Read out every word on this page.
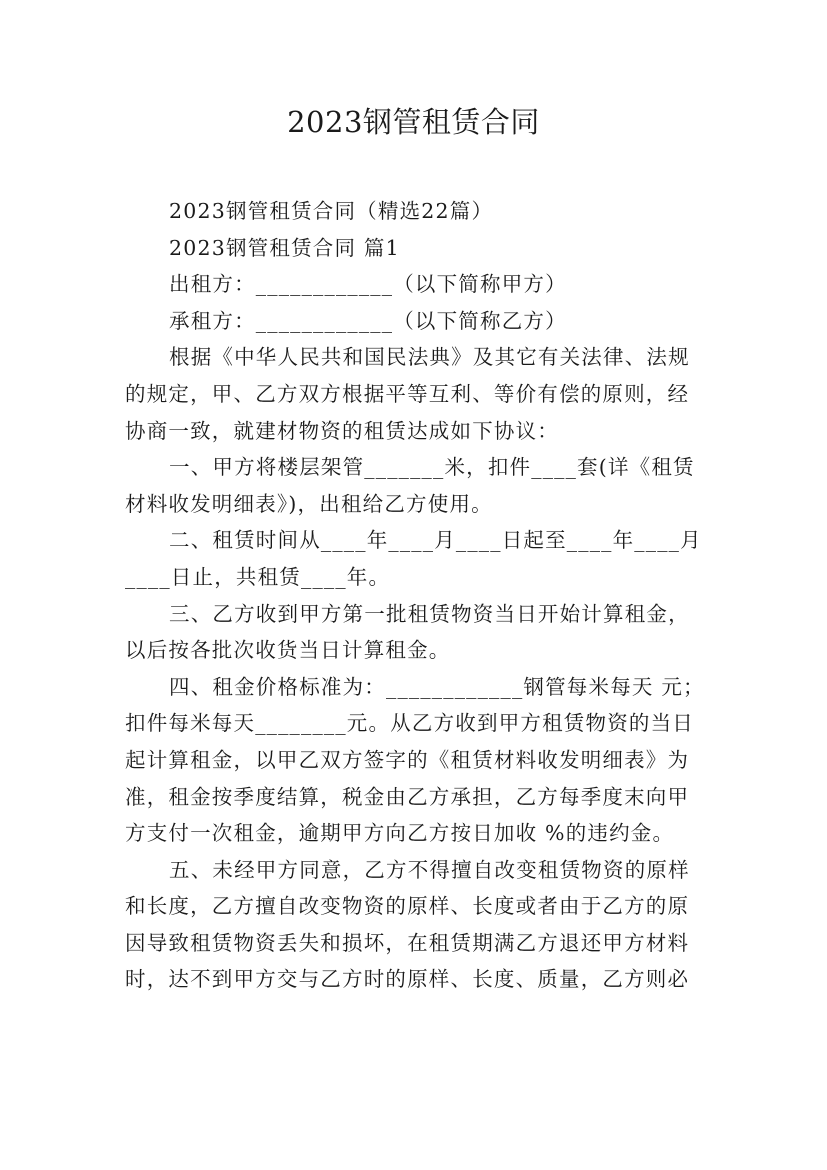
2023钢管租赁合同

2023钢管租赁合同（精选22篇）

2023钢管租赁合同 篇1

出租方：____________（以下简称甲方）

承租方：____________（以下简称乙方）

根据《中华人民共和国民法典》及其它有关法律、法规

的规定，甲、乙方双方根据平等互利、等价有偿的原则，经

协商一致，就建材物资的租赁达成如下协议：

一、甲方将楼层架管_______米，扣件____套(详《租赁

材料收发明细表》)，出租给乙方使用。

二、租赁时间从____年____月____日起至____年____月

____日止，共租赁____年。

三、乙方收到甲方第一批租赁物资当日开始计算租金，

以后按各批次收货当日计算租金。

四、租金价格标准为：____________钢管每米每天 元；

扣件每米每天________元。从乙方收到甲方租赁物资的当日

起计算租金，以甲乙双方签字的《租赁材料收发明细表》为

准，租金按季度结算，税金由乙方承担，乙方每季度末向甲

方支付一次租金，逾期甲方向乙方按日加收 %的违约金。

五、未经甲方同意，乙方不得擅自改变租赁物资的原样

和长度，乙方擅自改变物资的原样、长度或者由于乙方的原

因导致租赁物资丢失和损坏，在租赁期满乙方退还甲方材料

时，达不到甲方交与乙方时的原样、长度、质量，乙方则必
